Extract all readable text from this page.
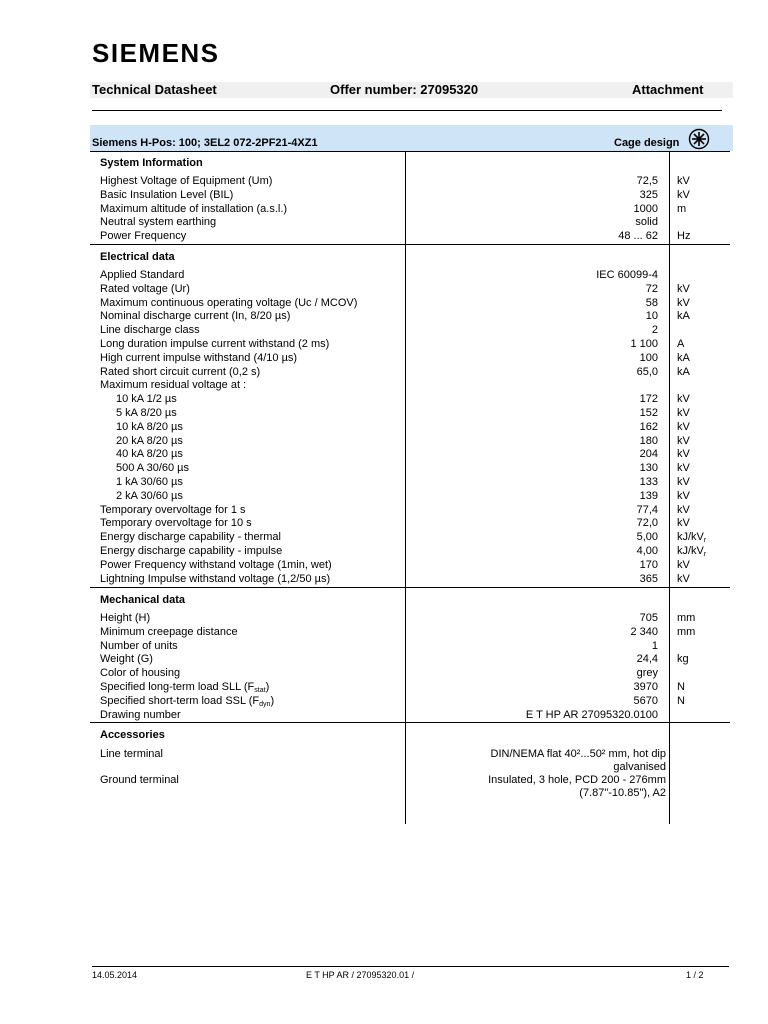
SIEMENS
Technical Datasheet	Offer number: 27095320	Attachment
Siemens H-Pos: 100; 3EL2 072-2PF21-4XZ1	Cage design
System Information
Highest Voltage of Equipment (Um)	72,5 kV
Basic Insulation Level (BIL)	325 kV
Maximum altitude of installation (a.s.l.)	1000 m
Neutral system earthing	solid
Power Frequency	48 ... 62 Hz
Electrical data
Applied Standard	IEC 60099-4
Rated voltage (Ur)	72 kV
Maximum continuous operating voltage (Uc / MCOV)	58 kV
Nominal discharge current (In, 8/20 µs)	10 kA
Line discharge class	2
Long duration impulse current withstand (2 ms)	1 100 A
High current impulse withstand (4/10 µs)	100 kA
Rated short circuit current (0,2 s)	65,0 kA
Maximum residual voltage at :
10 kA 1/2 µs	172 kV
5 kA 8/20 µs	152 kV
10 kA 8/20 µs	162 kV
20 kA 8/20 µs	180 kV
40 kA 8/20 µs	204 kV
500 A 30/60 µs	130 kV
1 kA 30/60 µs	133 kV
2 kA 30/60 µs	139 kV
Temporary overvoltage for 1 s	77,4 kV
Temporary overvoltage for 10 s	72,0 kV
Energy discharge capability - thermal	5,00 $kJ/kV_r$
Energy discharge capability - impulse	4,00 $kJ/kV_r$
Power Frequency withstand voltage (1min, wet)	170 kV
Lightning Impulse withstand voltage (1,2/50 µs)	365 kV
Mechanical data
Height (H)	705 mm
Minimum creepage distance	2 340 mm
Number of units	1
Weight (G)	24,4 kg
Color of housing	grey
Specified long-term load SLL $(F_{stat})$	3970 N
Specified short-term load SSL $(F_{dyn})$	5670 N
Drawing number	E T HP AR 27095320.0100
Accessories
Line terminal	DIN/NEMA flat 40²...50² mm, hot dip
galvanised
Ground terminal	Insulated, 3 hole, PCD 200 - 276mm
(7.87"-10.85"), A2
14.05.2014	E T HP AR / 27095320.01 /	1 / 2
